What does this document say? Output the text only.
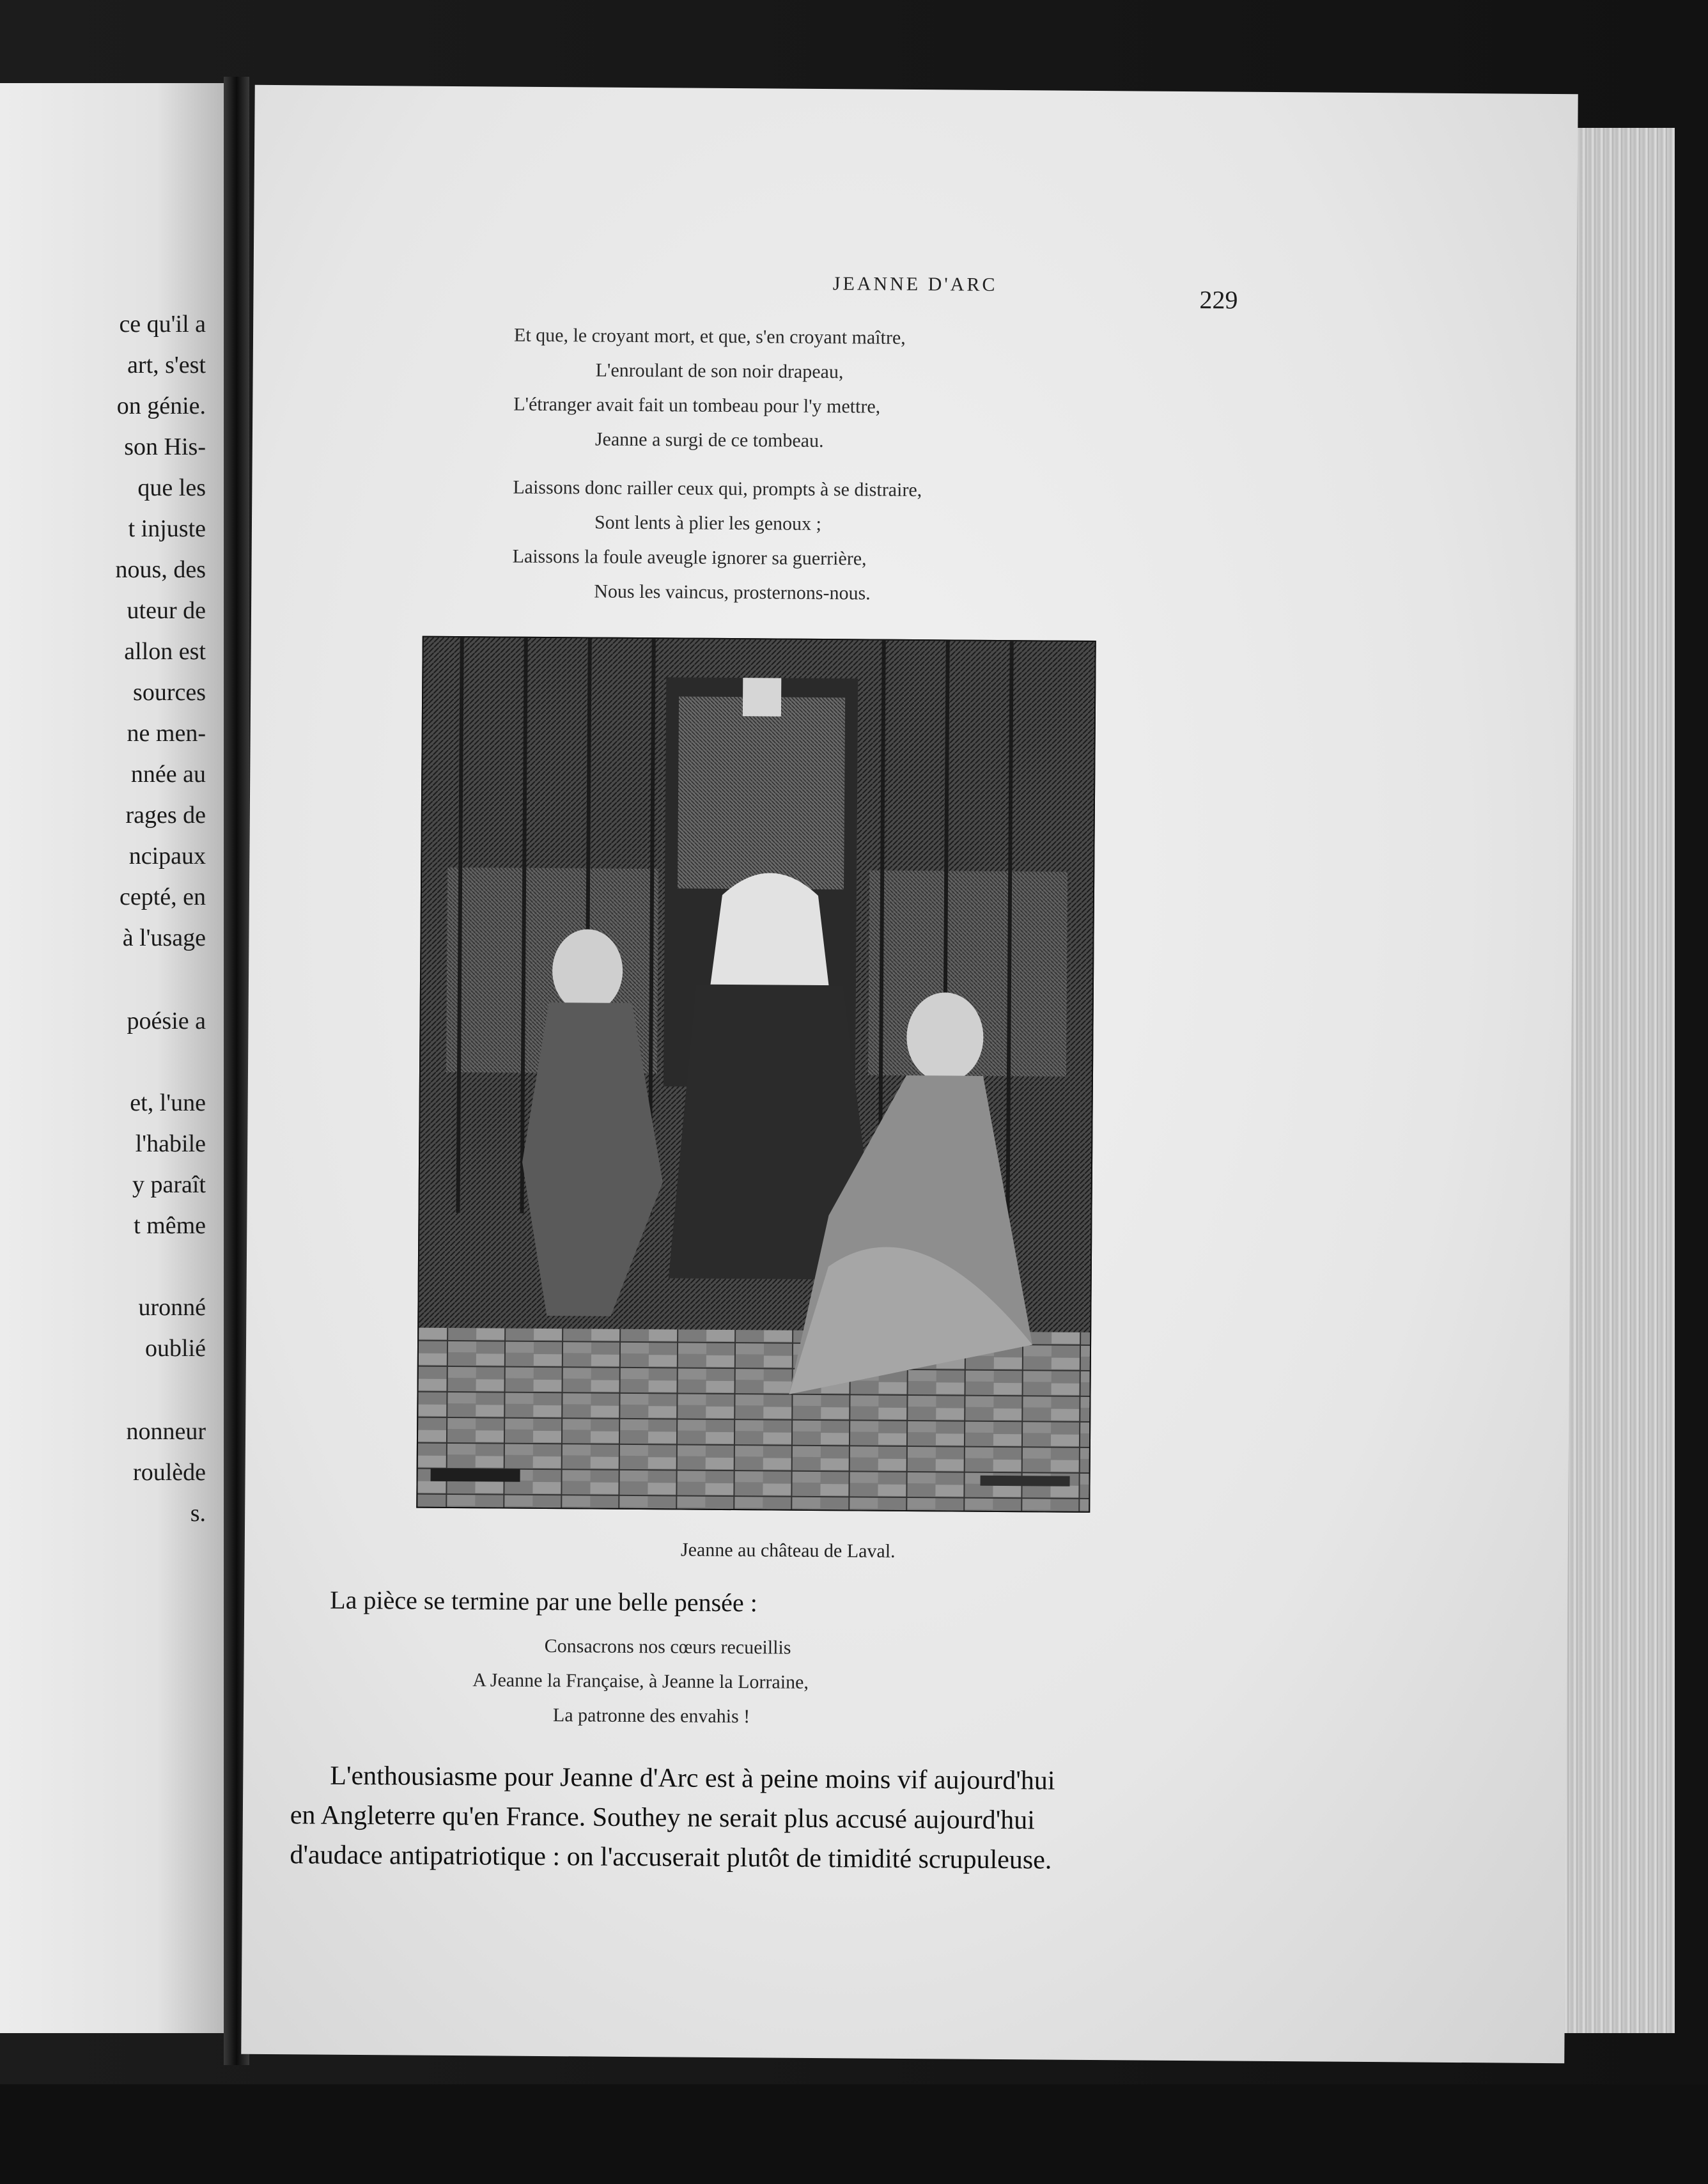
ce qu'il a
art, s'est
on génie.
son His-
que les
t injuste
nous, des
uteur de
allon est
sources
ne men-
nnée au
rages de
ncipaux
cepté, en
à l'usage
poésie a
et, l'une
l'habile
y paraît
t même
uronné
oublié
nonneur
roulède
s.
JEANNE D'ARC
229
Et que, le croyant mort, et que, s'en croyant maître,
L'enroulant de son noir drapeau,
L'étranger avait fait un tombeau pour l'y mettre,
Jeanne a surgi de ce tombeau.
Laissons donc railler ceux qui, prompts à se distraire,
Sont lents à plier les genoux ;
Laissons la foule aveugle ignorer sa guerrière,
Nous les vaincus, prosternons-nous.
Jeanne au château de Laval.
La pièce se termine par une belle pensée :
Consacrons nos cœurs recueillis
A Jeanne la Française, à Jeanne la Lorraine,
La patronne des envahis !
L'enthousiasme pour Jeanne d'Arc est à peine moins vif aujourd'hui
en Angleterre qu'en France. Southey ne serait plus accusé aujourd'hui
d'audace antipatriotique : on l'accuserait plutôt de timidité scrupuleuse.
